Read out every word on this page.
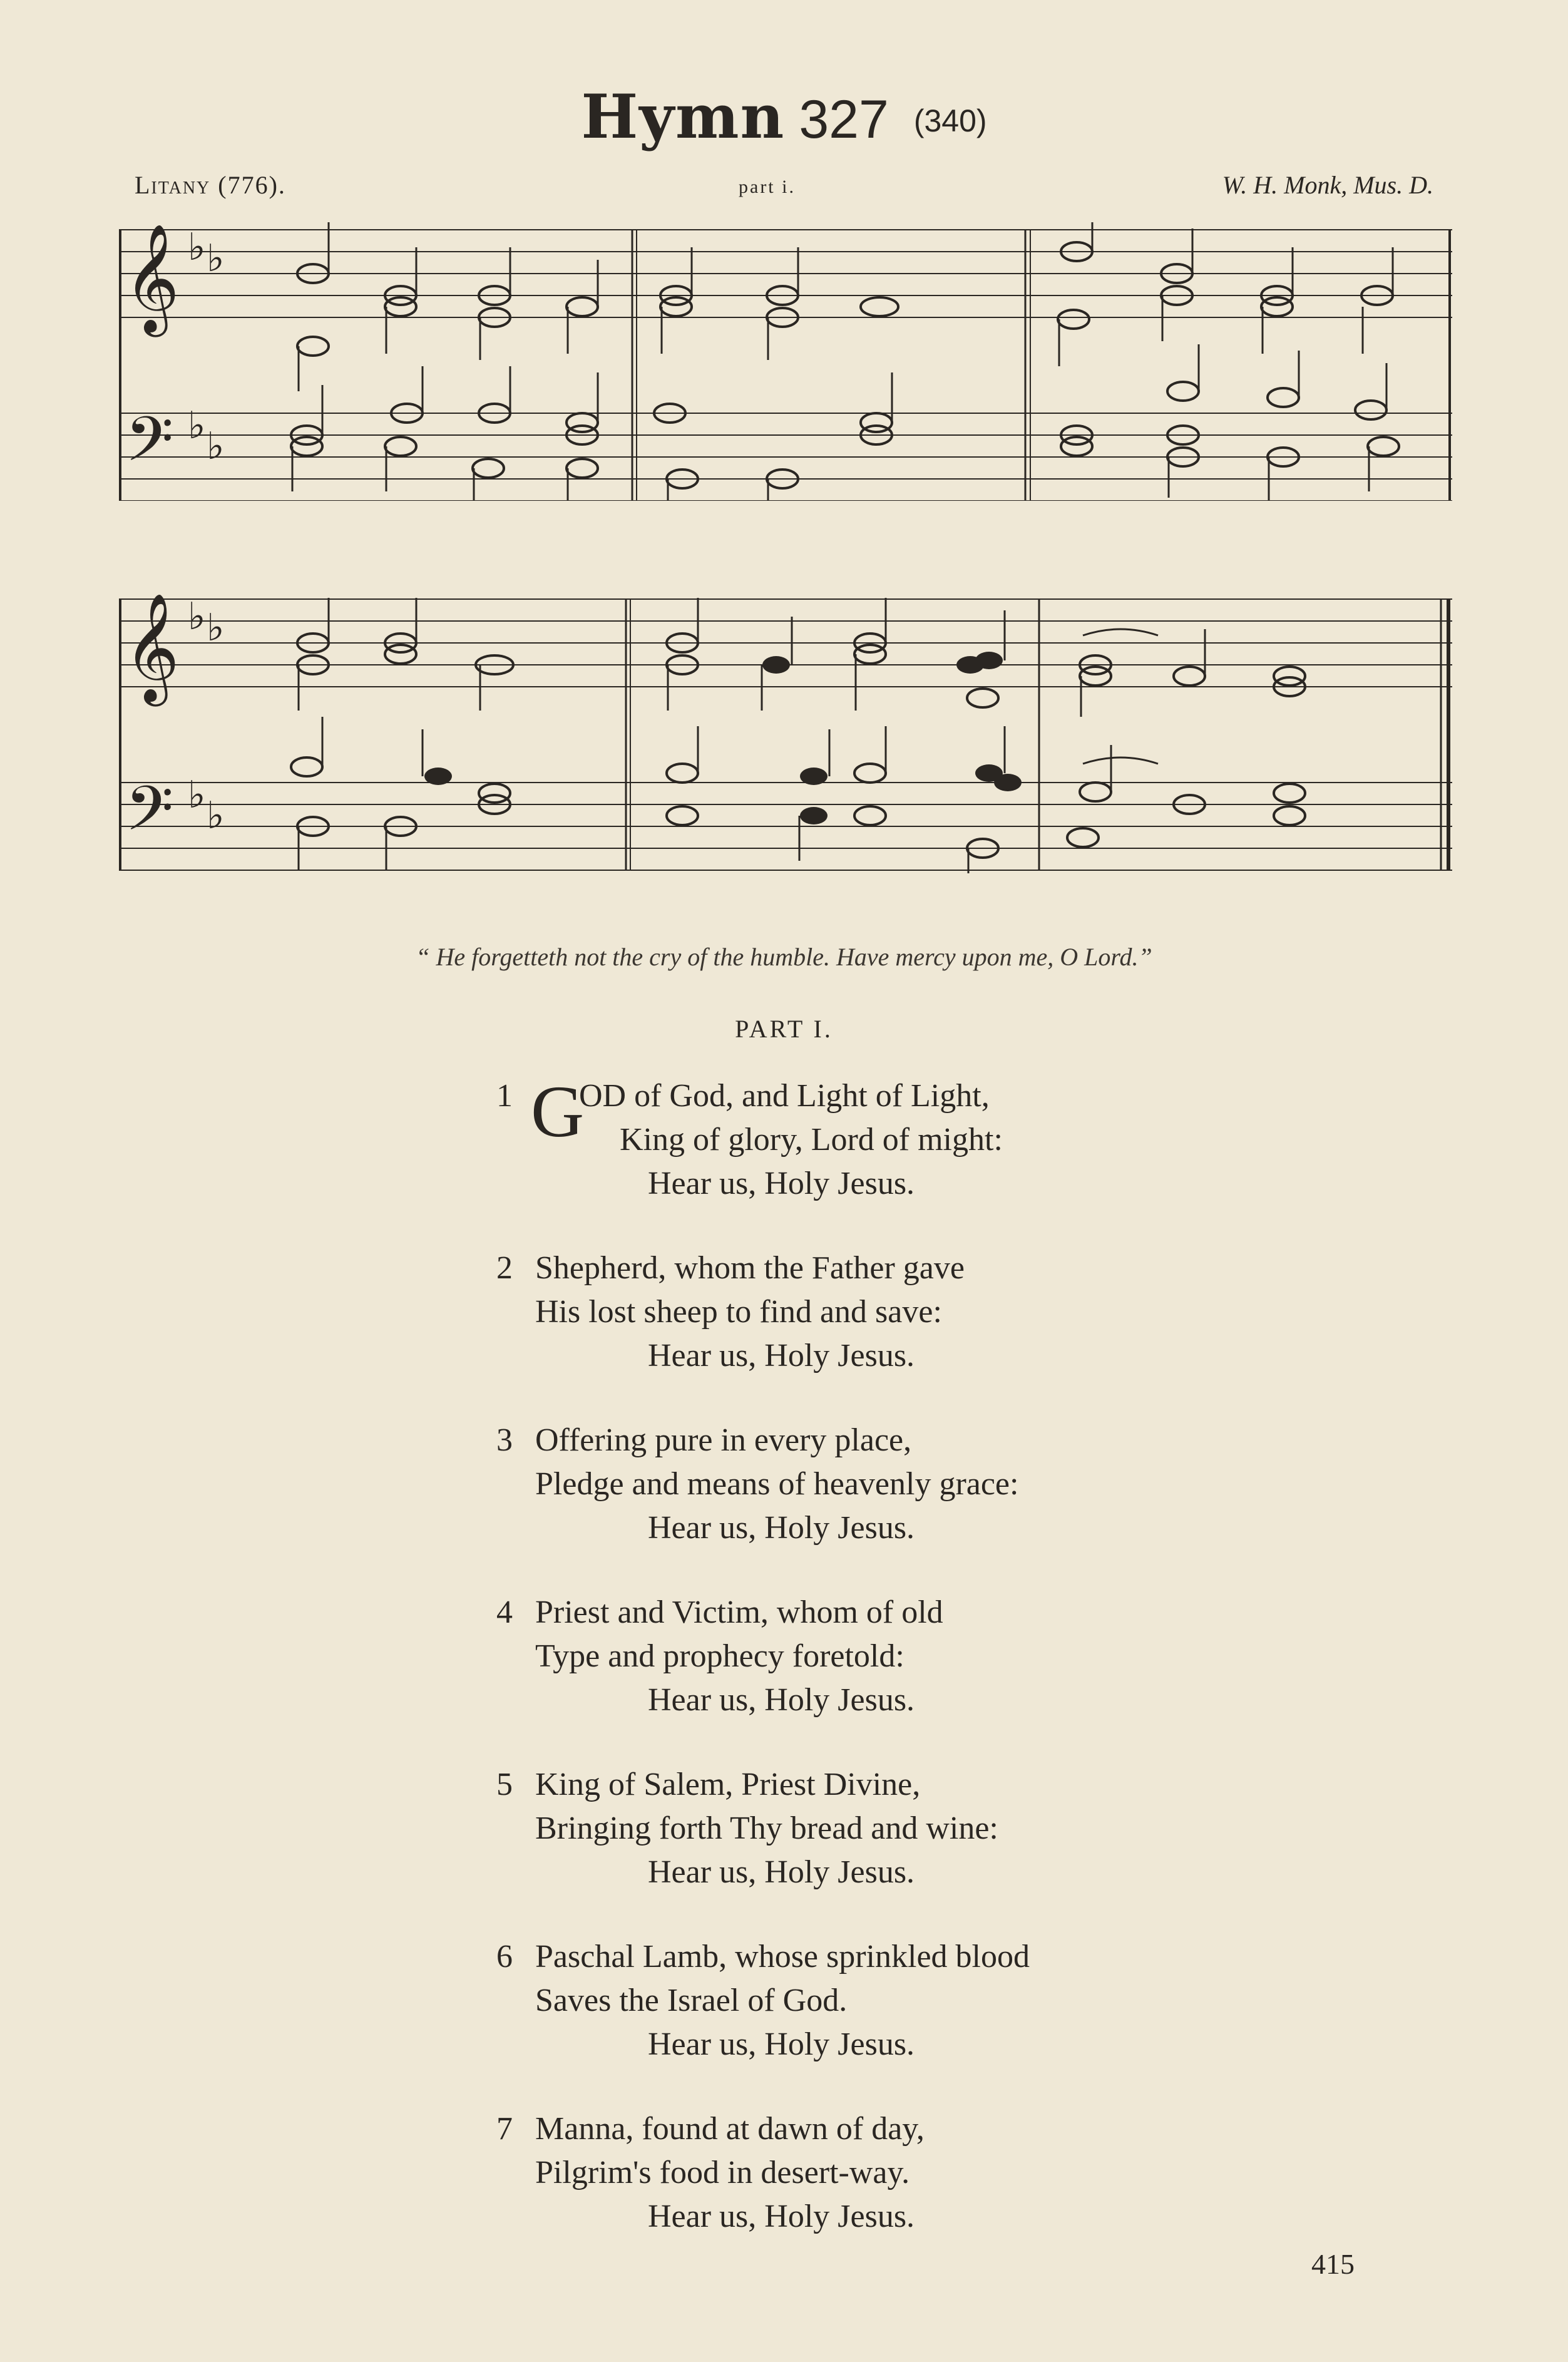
Hymn 327 (340)
Litany (776).	part i.	W. H. Monk, Mus. D.
𝄞
𝄢
♭ ♭
♭ ♭
𝄞
𝄢
♭ ♭
♭ ♭
“ He forgetteth not the cry of the humble. Have mercy upon me, O Lord.”
PART I.
1 G
OD of God, and Light of Light,
King of glory, Lord of might:
Hear us, Holy Jesus.
2 Shepherd, whom the Father gave
His lost sheep to find and save:
Hear us, Holy Jesus.
3 Offering pure in every place,
Pledge and means of heavenly grace:
Hear us, Holy Jesus.
4 Priest and Victim, whom of old
Type and prophecy foretold:
Hear us, Holy Jesus.
5 King of Salem, Priest Divine,
Bringing forth Thy bread and wine:
Hear us, Holy Jesus.
6 Paschal Lamb, whose sprinkled blood
Saves the Israel of God.
Hear us, Holy Jesus.
7 Manna, found at dawn of day,
Pilgrim's food in desert-way.
Hear us, Holy Jesus.
415
